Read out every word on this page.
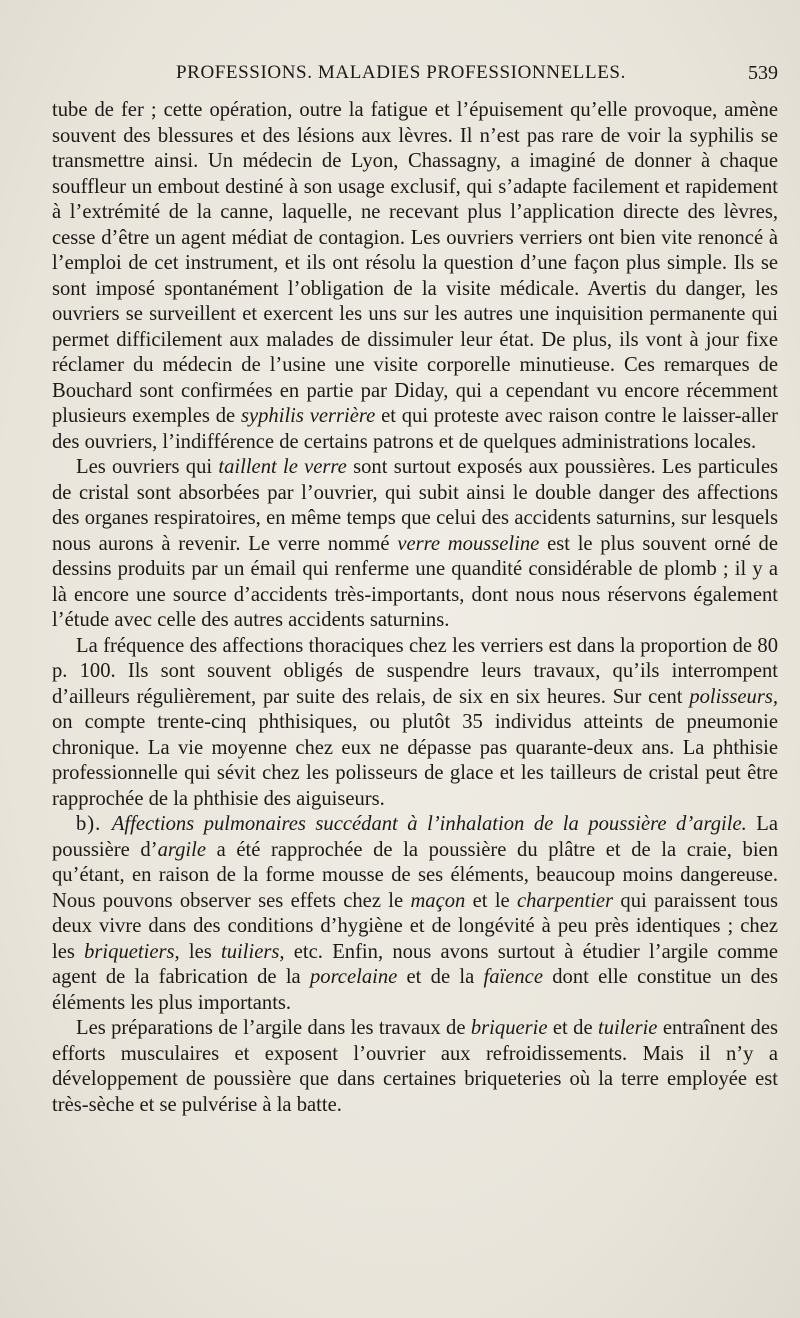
PROFESSIONS. MALADIES PROFESSIONNELLES.	539

tube de fer ; cette opération, outre la fatigue et l’épuisement qu’elle provoque, amène souvent des blessures et des lésions aux lèvres. Il n’est pas rare de voir la syphilis se transmettre ainsi. Un médecin de Lyon, Chassagny, a imaginé de donner à chaque souffleur un embout destiné à son usage exclusif, qui s’adapte facilement et rapidement à l’extrémité de la canne, laquelle, ne recevant plus l’application directe des lèvres, cesse d’être un agent médiat de contagion. Les ouvriers verriers ont bien vite renoncé à l’emploi de cet instrument, et ils ont résolu la question d’une façon plus simple. Ils se sont imposé spontanément l’obligation de la visite médicale. Avertis du danger, les ouvriers se surveillent et exercent les uns sur les autres une inquisition permanente qui permet difficilement aux malades de dissimuler leur état. De plus, ils vont à jour fixe réclamer du médecin de l’usine une visite corporelle minutieuse. Ces remarques de Bouchard sont confirmées en partie par Diday, qui a cependant vu encore récemment plusieurs exemples de syphilis verrière et qui proteste avec raison contre le laisser-aller des ouvriers, l’indifférence de certains patrons et de quelques administrations locales.

Les ouvriers qui taillent le verre sont surtout exposés aux poussières. Les particules de cristal sont absorbées par l’ouvrier, qui subit ainsi le double danger des affections des organes respiratoires, en même temps que celui des accidents saturnins, sur lesquels nous aurons à revenir. Le verre nommé verre mousseline est le plus souvent orné de dessins produits par un émail qui renferme une quandité considérable de plomb ; il y a là encore une source d’accidents très-importants, dont nous nous réservons également l’étude avec celle des autres accidents saturnins.

La fréquence des affections thoraciques chez les verriers est dans la proportion de 80 p. 100. Ils sont souvent obligés de suspendre leurs travaux, qu’ils interrompent d’ailleurs régulièrement, par suite des relais, de six en six heures. Sur cent polisseurs, on compte trente-cinq phthisiques, ou plutôt 35 individus atteints de pneumonie chronique. La vie moyenne chez eux ne dépasse pas quarante-deux ans. La phthisie professionnelle qui sévit chez les polisseurs de glace et les tailleurs de cristal peut être rapprochée de la phthisie des aiguiseurs.

b). Affections pulmonaires succédant à l’inhalation de la poussière d’argile. La poussière d’argile a été rapprochée de la poussière du plâtre et de la craie, bien qu’étant, en raison de la forme mousse de ses éléments, beaucoup moins dangereuse. Nous pouvons observer ses effets chez le maçon et le charpentier qui paraissent tous deux vivre dans des conditions d’hygiène et de longévité à peu près identiques ; chez les briquetiers, les tuiliers, etc. Enfin, nous avons surtout à étudier l’argile comme agent de la fabrication de la porcelaine et de la faïence dont elle constitue un des éléments les plus importants.

Les préparations de l’argile dans les travaux de briquerie et de tuilerie entraînent des efforts musculaires et exposent l’ouvrier aux refroidissements. Mais il n’y a développement de poussière que dans certaines briqueteries où la terre employée est très-sèche et se pulvérise à la batte.
